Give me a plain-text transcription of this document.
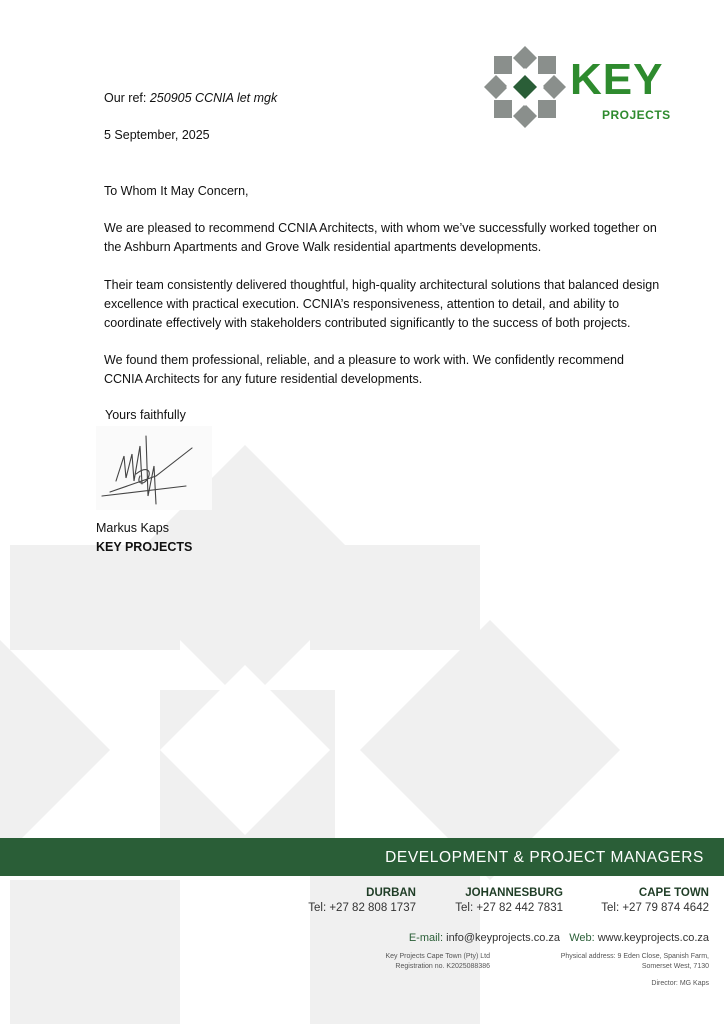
KEY
PROJECTS
Our ref: 250905 CCNIA let mgk
5 September, 2025
To Whom It May Concern,
We are pleased to recommend CCNIA Architects, with whom we’ve successfully worked together on the Ashburn Apartments and Grove Walk residential apartments developments.
Their team consistently delivered thoughtful, high-quality architectural solutions that balanced design excellence with practical execution. CCNIA’s responsiveness, attention to detail, and ability to coordinate effectively with stakeholders contributed significantly to the success of both projects.
We found them professional, reliable, and a pleasure to work with. We confidently recommend CCNIA Architects for any future residential developments.
Yours faithfully
Markus Kaps
KEY PROJECTS
DEVELOPMENT & PROJECT MANAGERS
DURBAN
Tel: +27 82 808 1737
JOHANNESBURG
Tel: +27 82 442 7831
CAPE TOWN
Tel: +27 79 874 4642
E-mail: info@keyprojects.co.za Web: www.keyprojects.co.za
Key Projects Cape Town (Pty) Ltd
Registration no. K2025088386
Physical address: 9 Eden Close, Spanish Farm,
Somerset West, 7130
Director: MG Kaps
